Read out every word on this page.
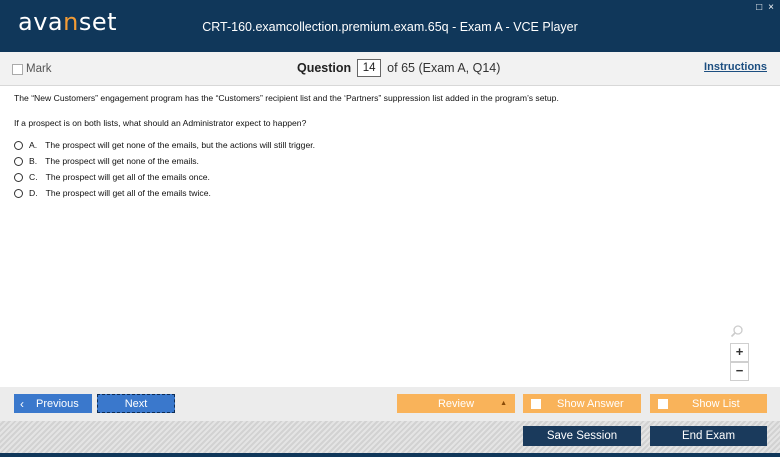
avanset	CRT-160.examcollection.premium.exam.65q - Exam A - VCE Player
□ ×
Mark	Question	14 of 65 (Exam A, Q14)	Instructions

The “New Customers” engagement program has the “Customers” recipient list and the ‘Partners” suppression list added in the program’s setup.

If a prospect is on both lists, what should an Administrator expect to happen?

A. The prospect will get none of the emails, but the actions will still trigger.
B. The prospect will get none of the emails.
C. The prospect will get all of the emails once.
D. The prospect will get all of the emails twice.
+
−
‹ Previous	Next	Review	▲	Show Answer	Show List
Save Session	End Exam
